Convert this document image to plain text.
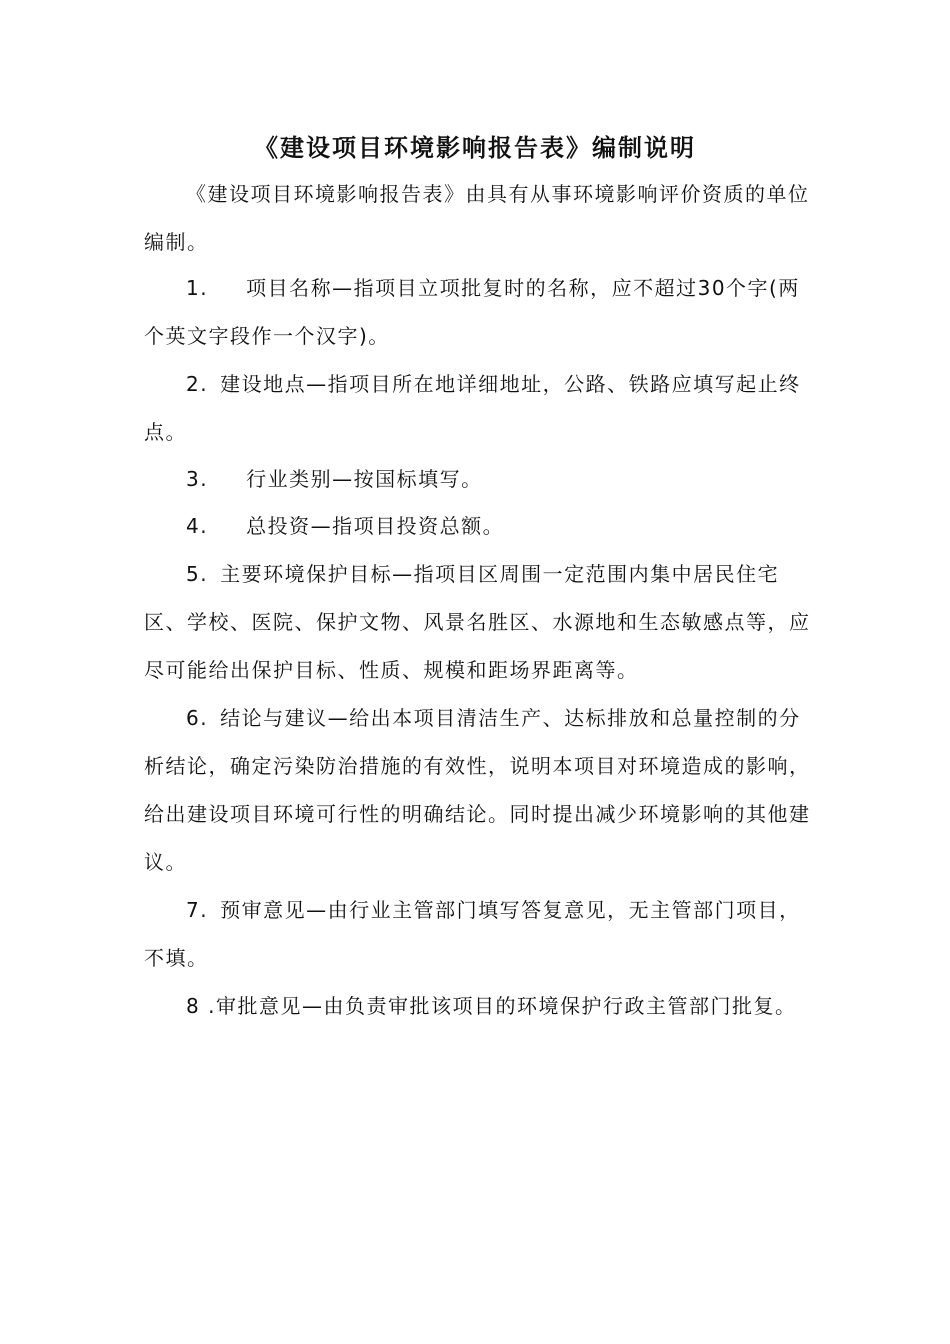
《建设项目环境影响报告表》编制说明

《建设项目环境影响报告表》由具有从事环境影响评价资质的单位编制。

1. 项目名称—指项目立项批复时的名称，应不超过30个字(两个英文字段作一个汉字)。

2. 建设地点—指项目所在地详细地址，公路、铁路应填写起止终点。

3. 行业类别—按国标填写。

4. 总投资—指项目投资总额。

5. 主要环境保护目标—指项目区周围一定范围内集中居民住宅区、学校、医院、保护文物、风景名胜区、水源地和生态敏感点等，应尽可能给出保护目标、性质、规模和距场界距离等。

6. 结论与建议—给出本项目清洁生产、达标排放和总量控制的分析结论，确定污染防治措施的有效性，说明本项目对环境造成的影响，给出建设项目环境可行性的明确结论。同时提出减少环境影响的其他建议。

7. 预审意见—由行业主管部门填写答复意见，无主管部门项目，不填。

8 .审批意见—由负责审批该项目的环境保护行政主管部门批复。
